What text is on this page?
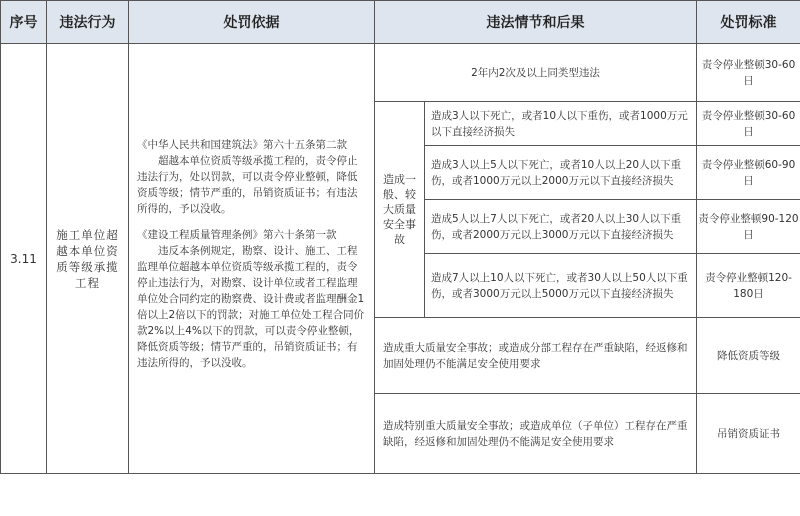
序号	违法行为	处罚依据	违法情节和后果		处罚标准
3.11	施工单位超越本单位资质等级承揽工程	《中华人民共和国建筑法》第六十五条第二款

超越本单位资质等级承揽工程的，责令停止违法行为，处以罚款，可以责令停业整顿，降低资质等级；情节严重的，吊销资质证书；有违法所得的，予以没收。

《建设工程质量管理条例》第六十条第一款

违反本条例规定，勘察、设计、施工、工程监理单位超越本单位资质等级承揽工程的，责令停止违法行为，对勘察、设计单位或者工程监理单位处合同约定的勘察费、设计费或者监理酬金1倍以上2倍以下的罚款；对施工单位处工程合同价款2%以上4%以下的罚款，可以责令停业整顿，降低资质等级；情节严重的，吊销资质证书；有违法所得的，予以没收。	2年内2次及以上同类型违法		责令停业整顿30-60日
			造成一般、较大质量安全事故	造成3人以下死亡，或者10人以下重伤，或者1000万元以下直接经济损失	责令停业整顿30-60日
				造成3人以上5人以下死亡，或者10人以上20人以下重伤，或者1000万元以上2000万元以下直接经济损失	责令停业整顿60-90日
				造成5人以上7人以下死亡，或者20人以上30人以下重伤，或者2000万元以上3000万元以下直接经济损失	责令停业整顿90-120日
				造成7人以上10人以下死亡，或者30人以上50人以下重伤，或者3000万元以上5000万元以下直接经济损失	责令停业整顿120-180日
			造成重大质量安全事故；或造成分部工程存在严重缺陷，经返修和加固处理仍不能满足安全使用要求		降低资质等级
			造成特别重大质量安全事故；或造成单位（子单位）工程存在严重缺陷，经返修和加固处理仍不能满足安全使用要求		吊销资质证书
